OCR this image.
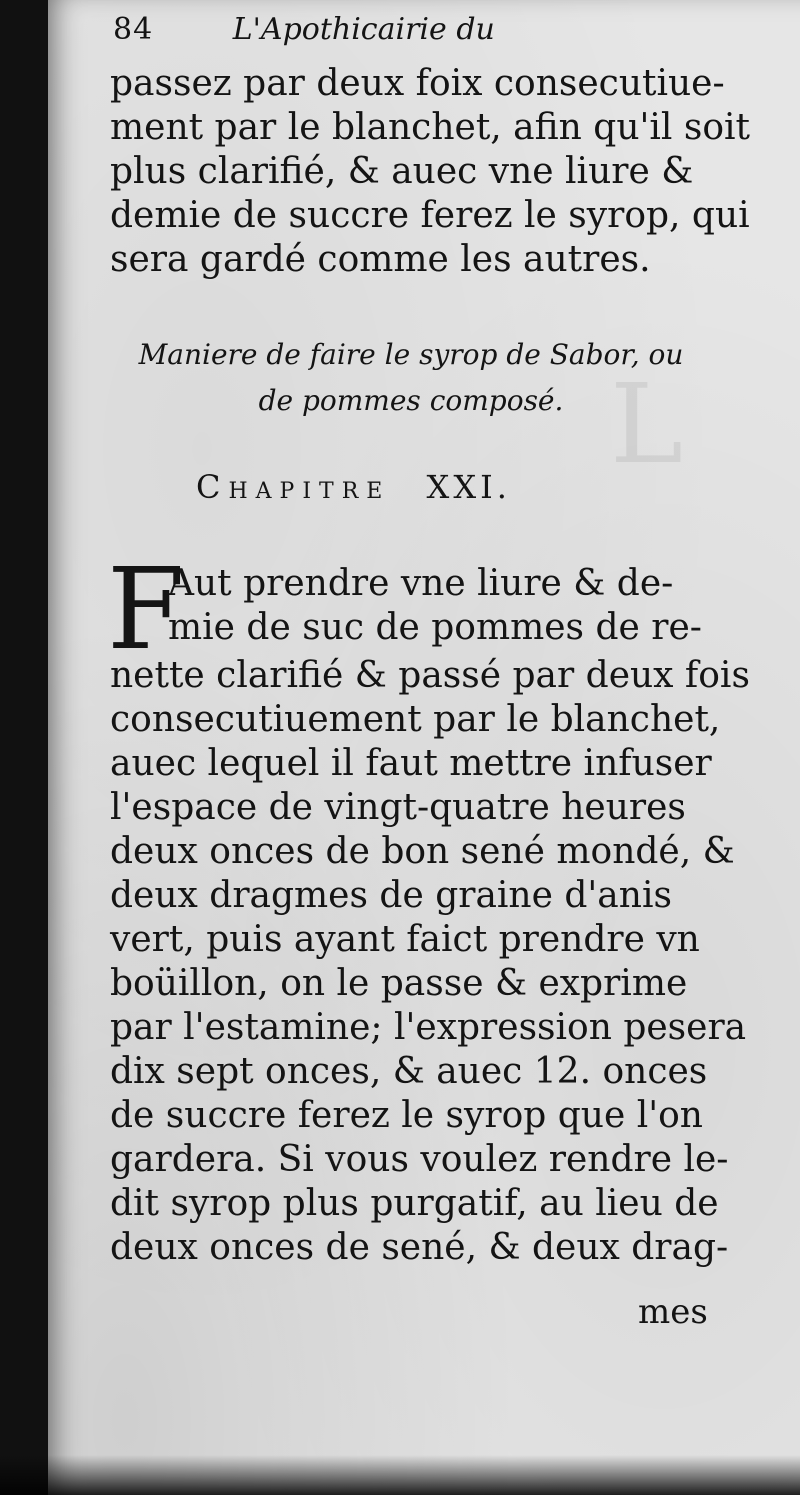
L
84	L'Apothicairie du
passez par deux foix consecutiue-
ment par le blanchet, afin qu'il soit
plus clarifié, & auec vne liure &
demie de succre ferez le syrop, qui
sera gardé comme les autres.
Maniere de faire le syrop de Sabor, ou
de pommes composé.
Chapitre XXI.
F
Aut prendre vne liure & de-
mie de suc de pommes de re-
nette clarifié & passé par deux fois
consecutiuement par le blanchet,
auec lequel il faut mettre infuser
l'espace de vingt-quatre heures
deux onces de bon sené mondé, &
deux dragmes de graine d'anis
vert, puis ayant faict prendre vn
boüillon, on le passe & exprime
par l'estamine; l'expression pesera
dix sept onces, & auec 12. onces
de succre ferez le syrop que l'on
gardera. Si vous voulez rendre le-
dit syrop plus purgatif, au lieu de
deux onces de sené, & deux drag-
mes
